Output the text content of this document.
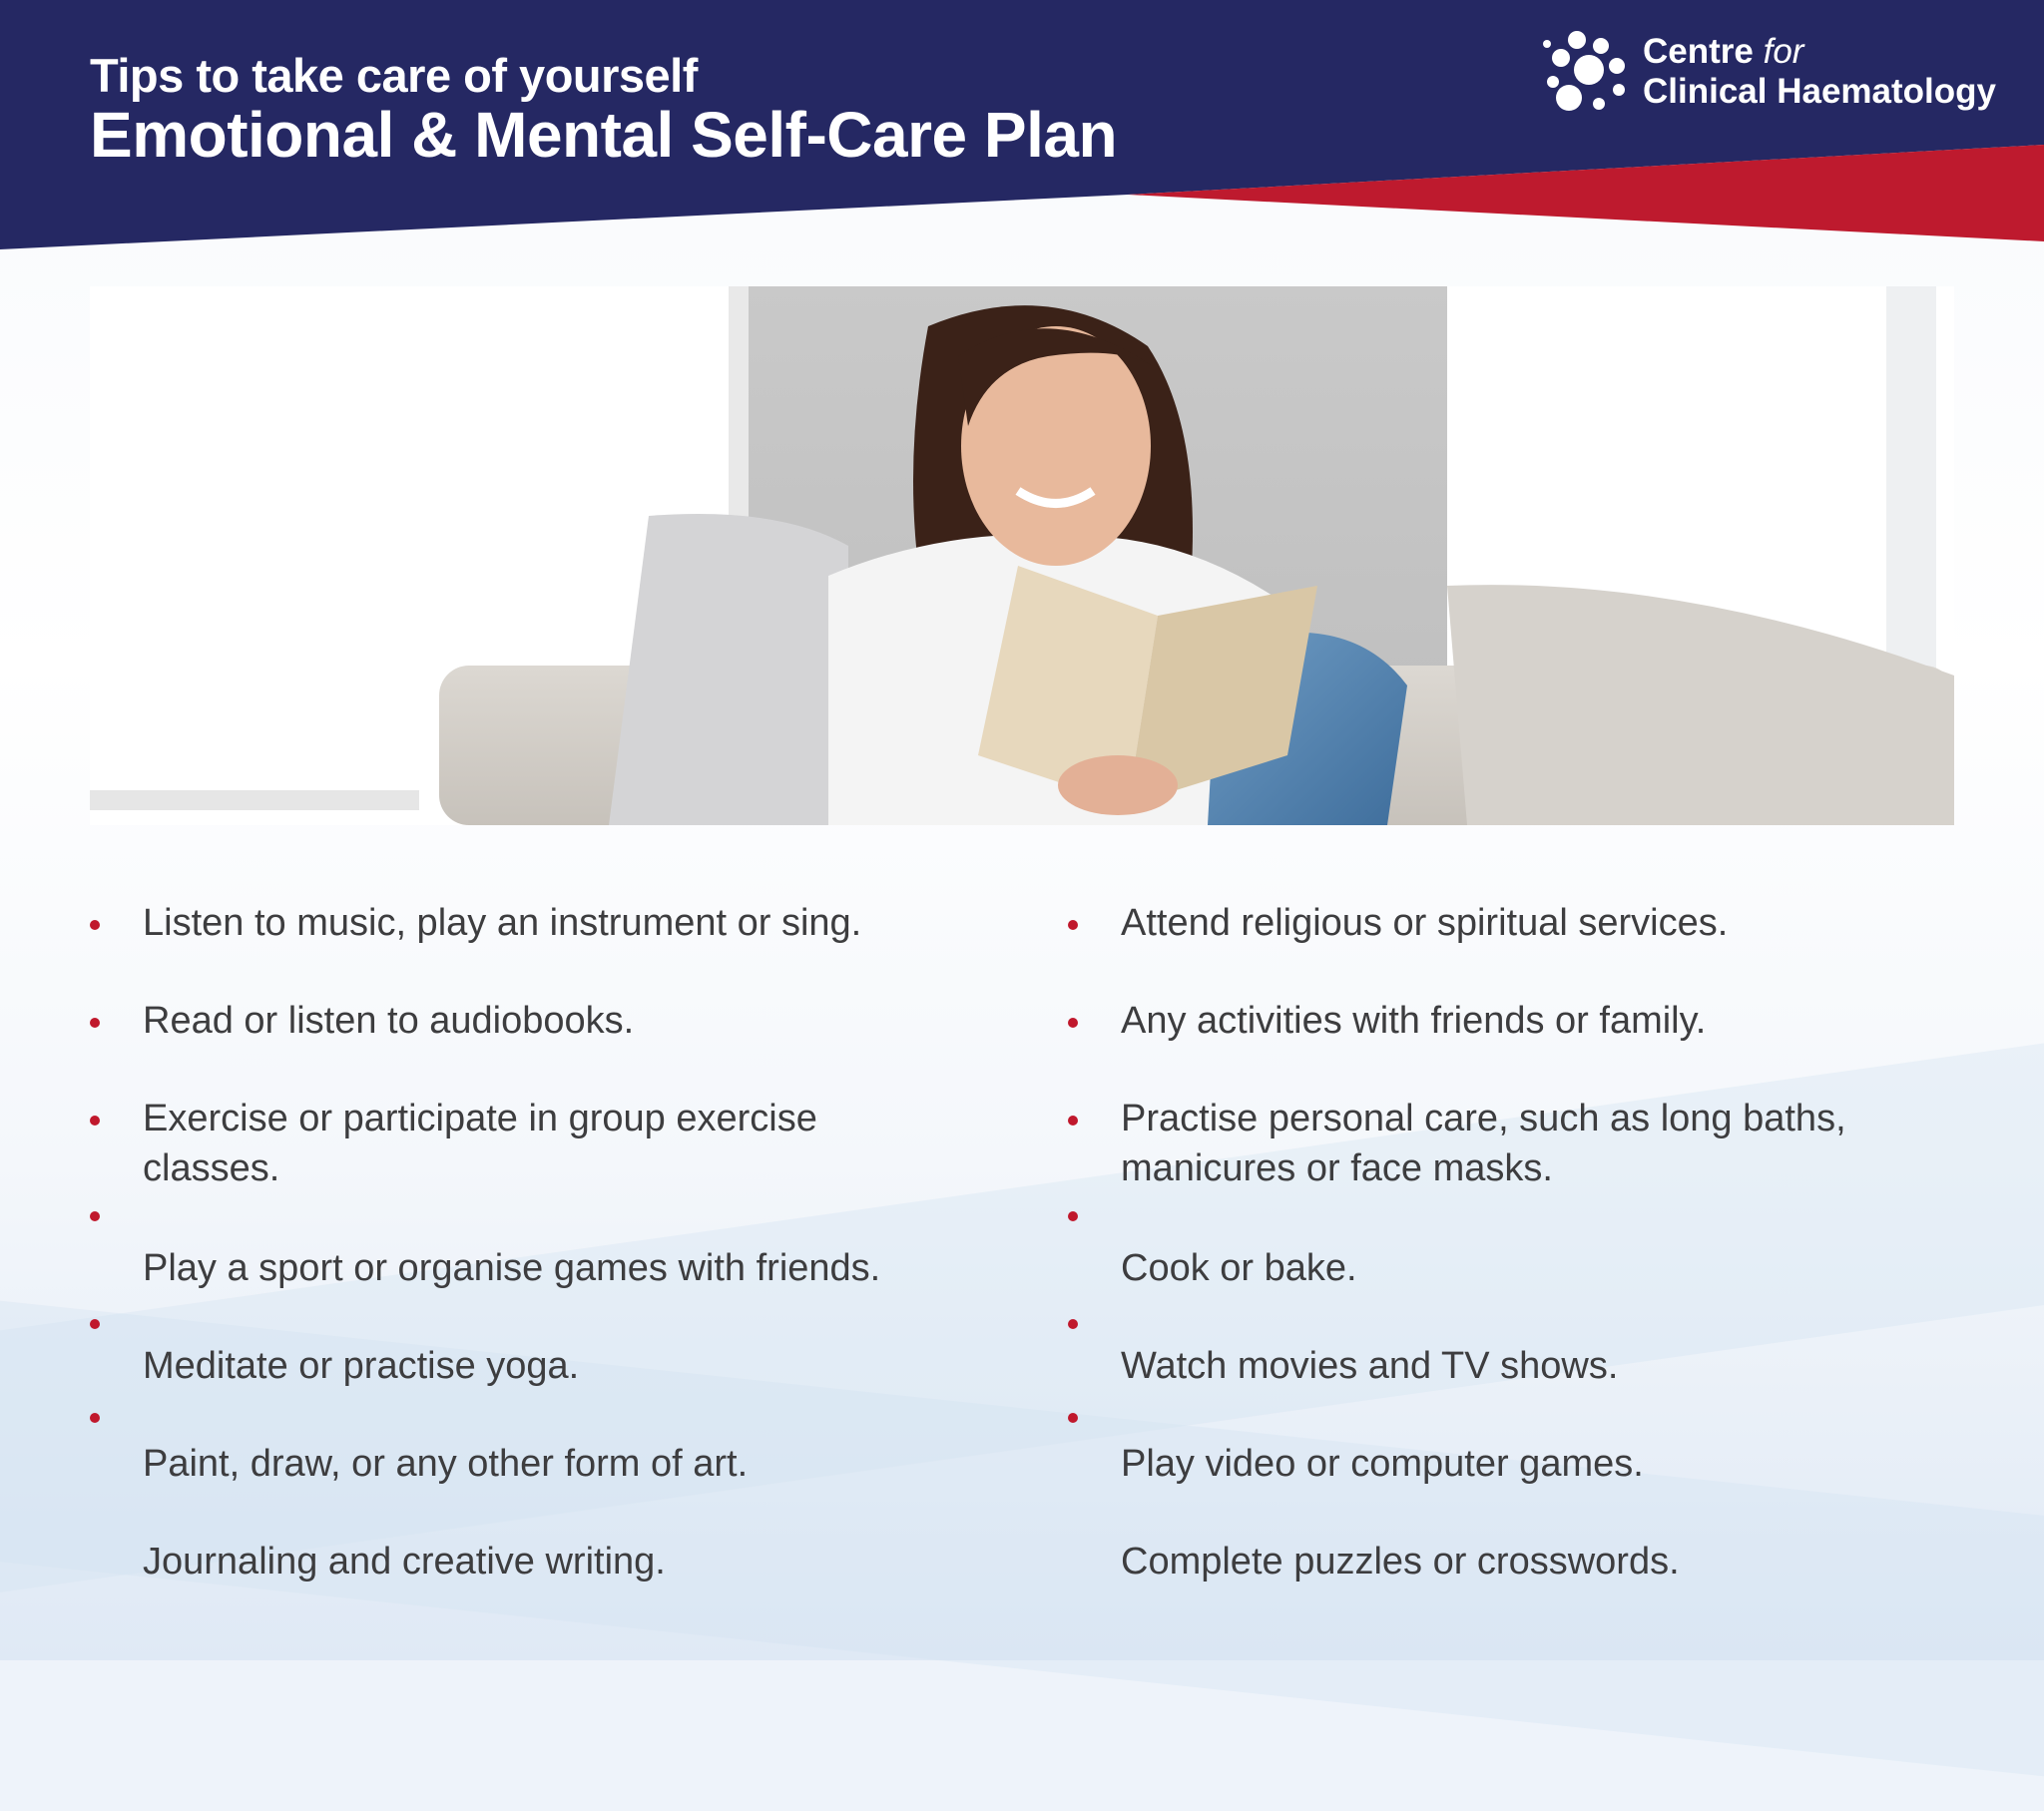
Tips to take care of yourself
Emotional & Mental Self-Care Plan
Centre for
Clinical Haematology
Listen to music, play an instrument or sing.
Read or listen to audiobooks.
Exercise or participate in group exercise classes.
Play a sport or organise games with friends.
Meditate or practise yoga.
Paint, draw, or any other form of art.
Journaling and creative writing.
Attend religious or spiritual services.
Any activities with friends or family.
Practise personal care, such as long baths, manicures or face masks.
Cook or bake.
Watch movies and TV shows.
Play video or computer games.
Complete puzzles or crosswords.
